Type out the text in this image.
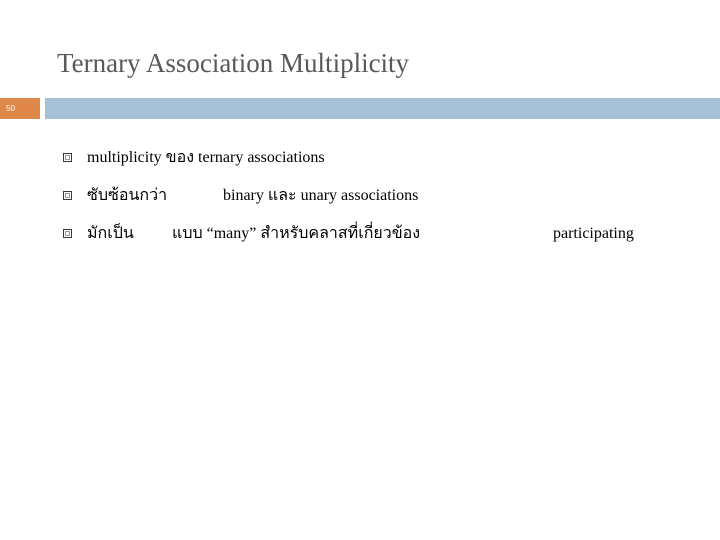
Ternary Association Multiplicity
50
multiplicity ของ ternary associations
ซับซ้อนกว่า	binary และ unary associations
มักเป็น แบบ “many” สำหรับคลาสที่เกี่ยวข้อง	participating
